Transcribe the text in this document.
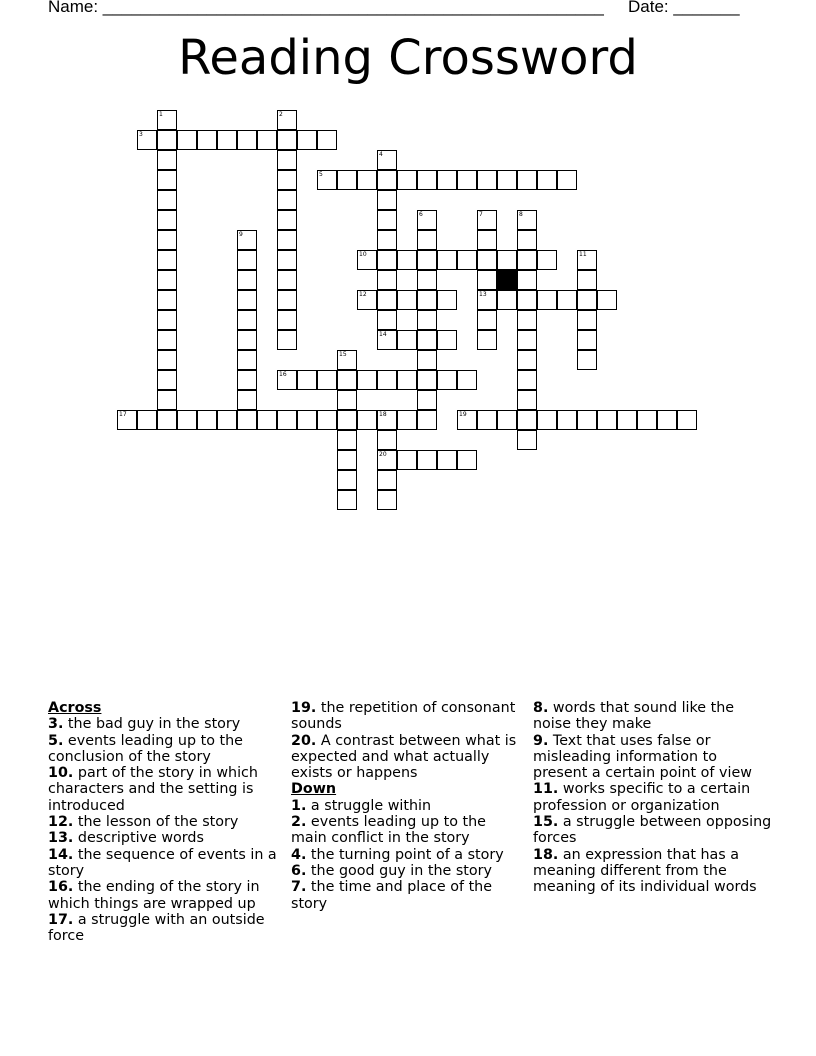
Name: _____________________________________________________ Date: _______
Reading Crossword
3
5
10
12	13
14
16
17	18	19
20
1	2
4
6	7	8
9
11
15
Across
3. the bad guy in the story
5. events leading up to the conclusion of the story
10. part of the story in which characters and the setting is introduced
12. the lesson of the story
13. descriptive words
14. the sequence of events in a story
16. the ending of the story in which things are wrapped up
17. a struggle with an outside force
19. the repetition of consonant sounds
20. A contrast between what is expected and what actually exists or happens
Down
1. a struggle within
2. events leading up to the main conflict in the story
4. the turning point of a story
6. the good guy in the story
7. the time and place of the story
8. words that sound like the noise they make
9. Text that uses false or misleading information to present a certain point of view
11. works specific to a certain profession or organization
15. a struggle between opposing forces
18. an expression that has a meaning different from the meaning of its individual words
